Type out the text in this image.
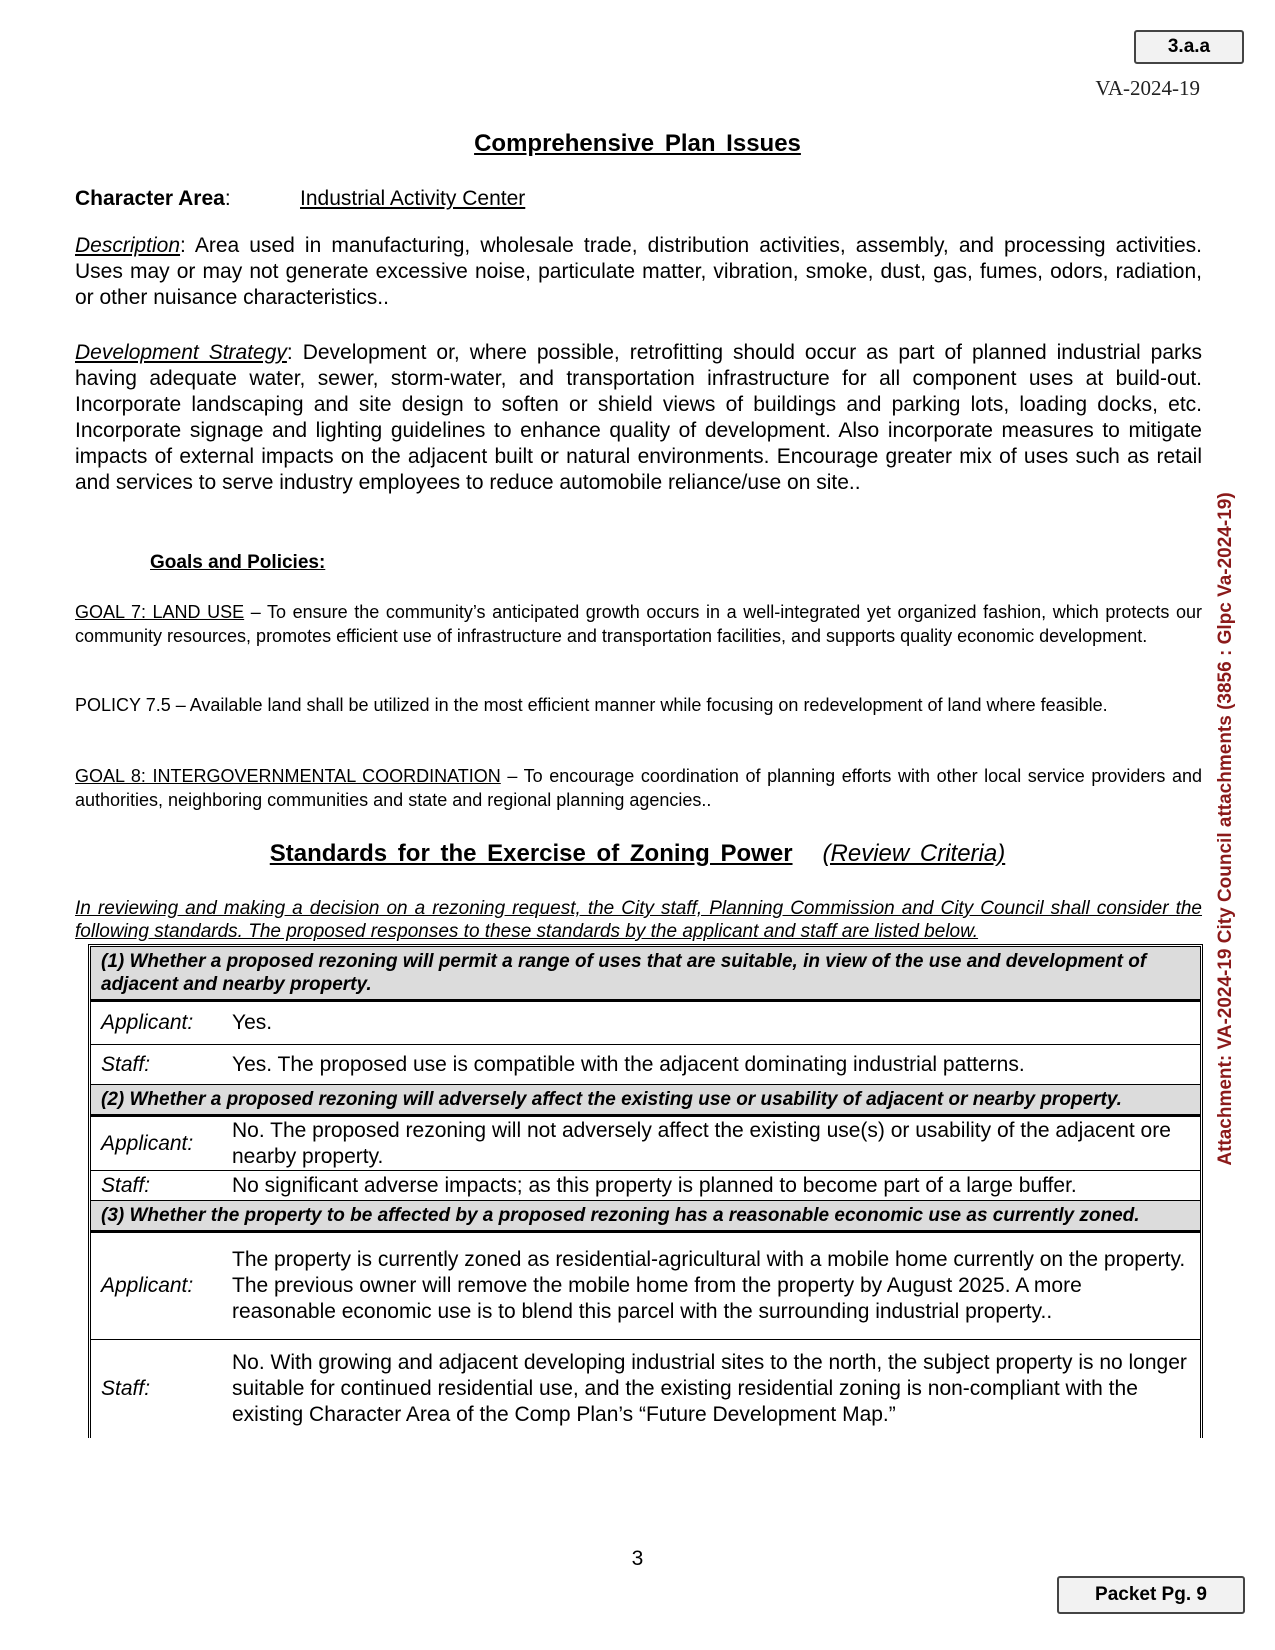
3.a.a
VA-2024-19
Comprehensive Plan Issues
Character Area:	Industrial Activity Center
Description: Area used in manufacturing, wholesale trade, distribution activities, assembly, and processing activities. Uses may or may not generate excessive noise, particulate matter, vibration, smoke, dust, gas, fumes, odors, radiation, or other nuisance characteristics..
Development Strategy: Development or, where possible, retrofitting should occur as part of planned industrial parks having adequate water, sewer, storm-water, and transportation infrastructure for all component uses at build-out. Incorporate landscaping and site design to soften or shield views of buildings and parking lots, loading docks, etc. Incorporate signage and lighting guidelines to enhance quality of development. Also incorporate measures to mitigate impacts of external impacts on the adjacent built or natural environments. Encourage greater mix of uses such as retail and services to serve industry employees to reduce automobile reliance/use on site..
Goals and Policies:
GOAL 7: LAND USE – To ensure the community’s anticipated growth occurs in a well-integrated yet organized fashion, which protects our community resources, promotes efficient use of infrastructure and transportation facilities, and supports quality economic development.
POLICY 7.5 – Available land shall be utilized in the most efficient manner while focusing on redevelopment of land where feasible.
GOAL 8: INTERGOVERNMENTAL COORDINATION – To encourage coordination of planning efforts with other local service providers and authorities, neighboring communities and state and regional planning agencies..
Standards for the Exercise of Zoning Power (Review Criteria)
In reviewing and making a decision on a rezoning request, the City staff, Planning Commission and City Council shall consider the following standards. The proposed responses to these standards by the applicant and staff are listed below.
(1) Whether a proposed rezoning will permit a range of uses that are suitable, in view of the use and development of adjacent and nearby property.	
Applicant:	Yes.
Staff:	Yes. The proposed use is compatible with the adjacent dominating industrial patterns.
(2) Whether a proposed rezoning will adversely affect the existing use or usability of adjacent or nearby property.	
Applicant:	No. The proposed rezoning will not adversely affect the existing use(s) or usability of the adjacent ore nearby property.
Staff:	No significant adverse impacts; as this property is planned to become part of a large buffer.
(3) Whether the property to be affected by a proposed rezoning has a reasonable economic use as currently zoned.	
Applicant:	The property is currently zoned as residential-agricultural with a mobile home currently on the property. The previous owner will remove the mobile home from the property by August 2025. A more reasonable economic use is to blend this parcel with the surrounding industrial property..
Staff:	No. With growing and adjacent developing industrial sites to the north, the subject property is no longer suitable for continued residential use, and the existing residential zoning is non-compliant with the existing Character Area of the Comp Plan’s “Future Development Map.”
Attachment: VA-2024-19 City Council attachments (3856 : Glpc Va-2024-19)
3
Packet Pg. 9
